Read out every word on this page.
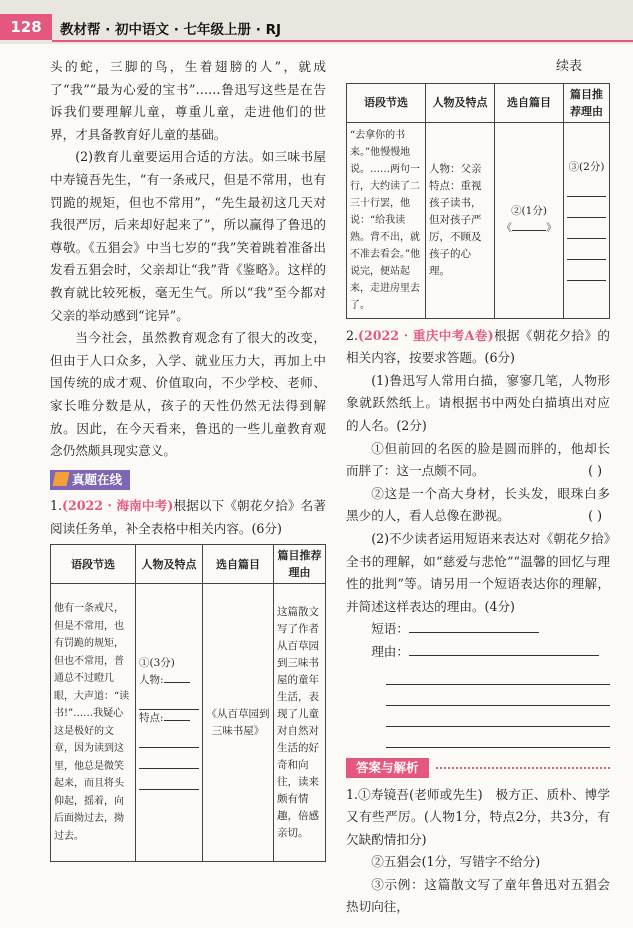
128	教材帮 · 初中语文 · 七年级上册 · RJ

头的蛇，三脚的鸟，生着翅膀的人”，就成了“我”“最为心爱的宝书”……鲁迅写这些是在告诉我们要理解儿童，尊重儿童，走进他们的世界，才具备教育好儿童的基础。

(2)教育儿童要运用合适的方法。如三味书屋中寿镜吾先生，“有一条戒尺，但是不常用，也有罚跪的规矩，但也不常用”，“先生最初这几天对我很严厉，后来却好起来了”，所以赢得了鲁迅的尊敬。《五猖会》中当七岁的“我”笑着跳着准备出发看五猖会时，父亲却让“我”背《鉴略》。这样的教育就比较死板，毫无生气。所以“我”至今都对父亲的举动感到“诧异”。

当今社会，虽然教育观念有了很大的改变，但由于人口众多，入学、就业压力大，再加上中国传统的成才观、价值取向，不少学校、老师、家长唯分数是从，孩子的天性仍然无法得到解放。因此，在今天看来，鲁迅的一些儿童教育观念仍然颇具现实意义。

真题在线

1.(2022 · 海南中考)根据以下《朝花夕拾》名著阅读任务单，补全表格中相关内容。(6分)

语段节选	人物及特点	选自篇目	篇目推荐理由
他有一条戒尺，但是不常用，也有罚跪的规矩，但也不常用，普通总不过瞪几眼，大声道：“读书!”……我疑心这是极好的文章，因为读到这里，他总是微笑起来，而且将头仰起，摇着，向后面拗过去，拗过去。	①(3分)
人物:
特点:	《从百草园到三味书屋》	这篇散文写了作者从百草园到三味书屋的童年生活，表现了儿童对自然对生活的好奇和向往，读来颇有情趣，倍感亲切。
续表
语段节选	人物及特点	选自篇目	篇目推荐理由
“去拿你的书来。”他慢慢地说。……两句一行，大约读了二三十行罢，他说：“给我读熟。背不出，就不准去看会。”他说完，便站起来，走进房里去了。	人物：父亲特点：重视孩子读书，但对孩子严厉，不顾及孩子的心理。	②(1分)
《 》	③(2分)

2.(2022 · 重庆中考A卷)根据《朝花夕拾》的相关内容，按要求答题。(6分)

(1)鲁迅写人常用白描，寥寥几笔，人物形象就跃然纸上。请根据书中两处白描填出对应的人名。(2分)

①但前回的名医的脸是圆而胖的，他却长而胖了：这一点颇不同。	( )

②这是一个高大身材，长头发，眼珠白多黑少的人，看人总像在渺视。	( )

(2)不少读者运用短语来表达对《朝花夕拾》全书的理解，如“慈爱与悲怆”“温馨的回忆与理性的批判”等。请另用一个短语表达你的理解，并简述这样表达的理由。(4分)

短语：

理由：

答案与解析

1.①寿镜吾(老师或先生)　极方正、质朴、博学又有些严厉。(人物1分，特点2分，共3分，有欠缺酌情扣分)

②五猖会(1分，写错字不给分)

③示例：这篇散文写了童年鲁迅对五猖会热切向往，
